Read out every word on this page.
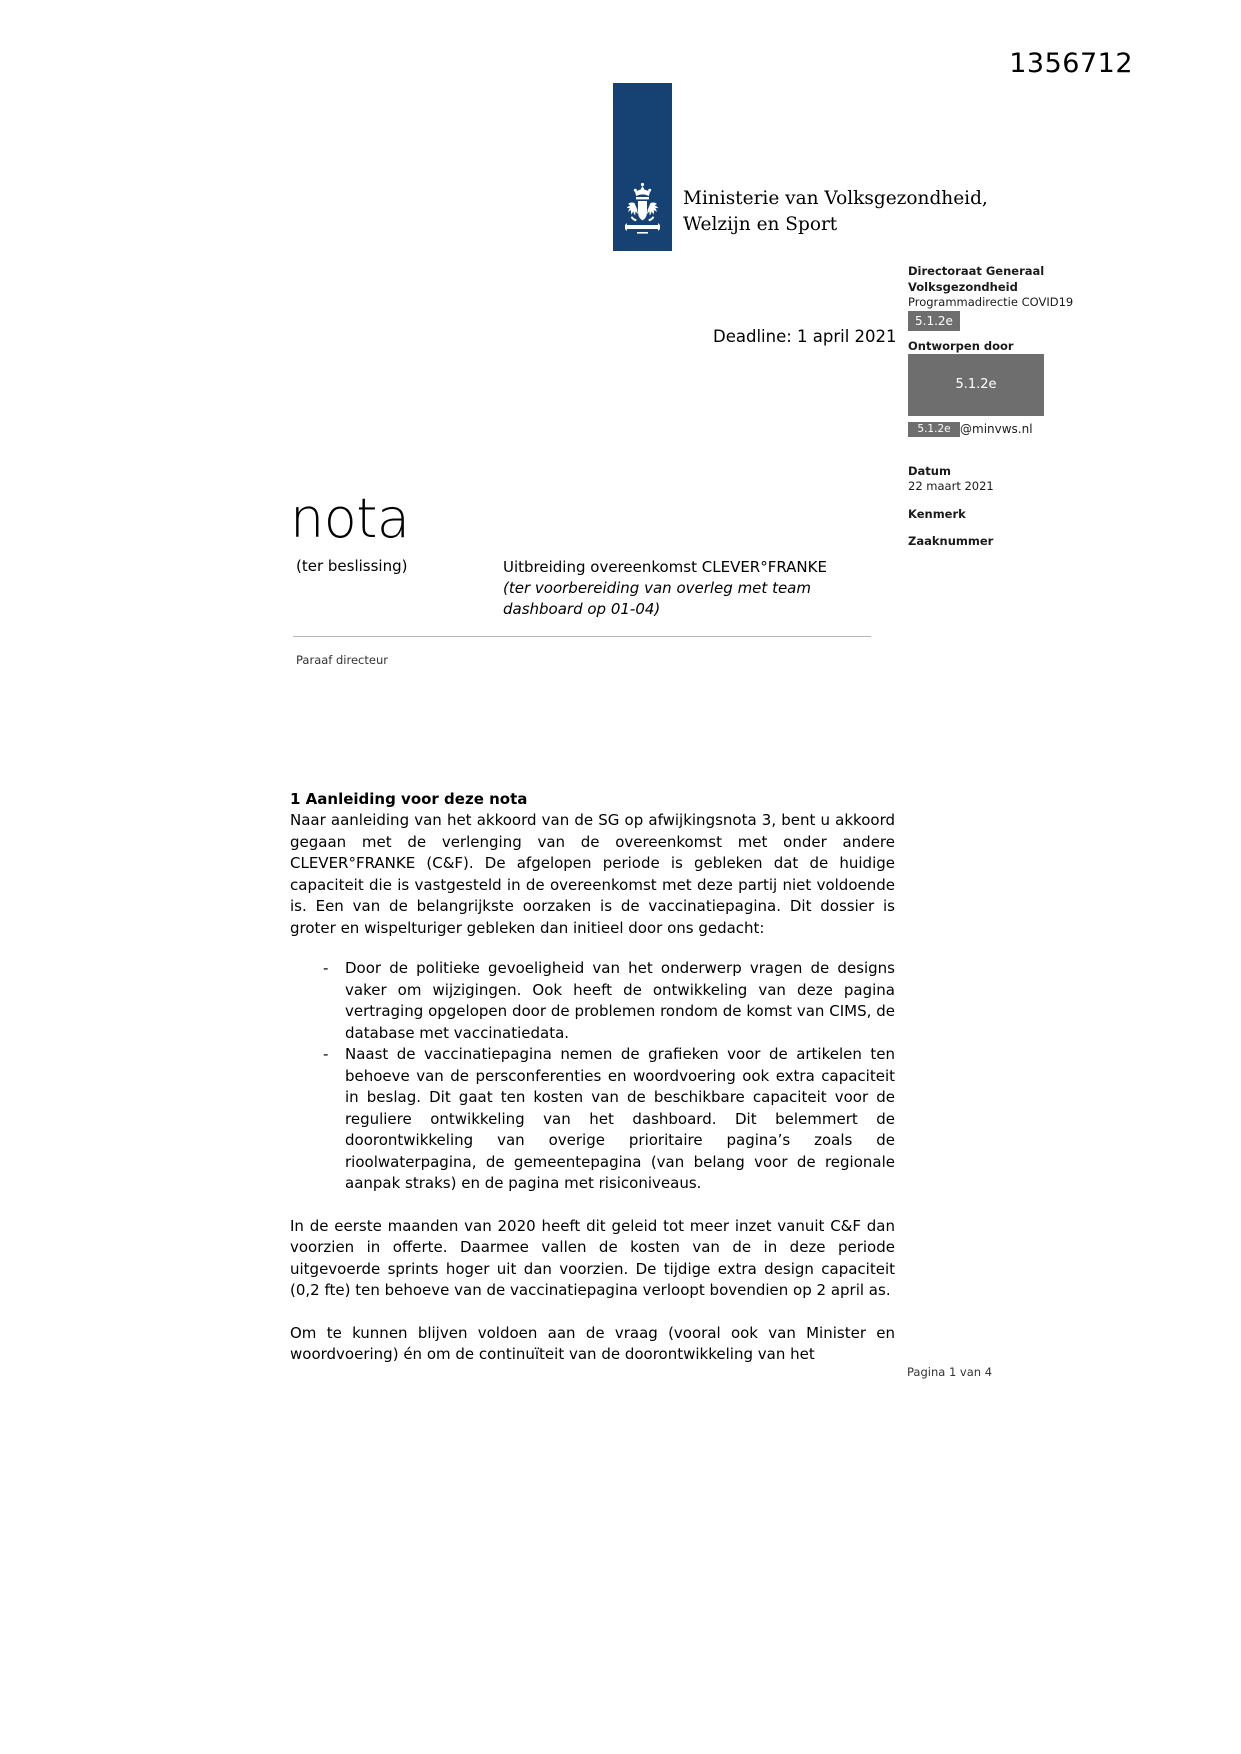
1356712
Ministerie van Volksgezondheid,
Welzijn en Sport
Directoraat Generaal
Volksgezondheid
Programmadirectie COVID19
5.1.2e
Ontworpen door
5.1.2e
5.1.2e @minvws.nl
Datum
22 maart 2021
Kenmerk
Zaaknummer
Deadline: 1 april 2021
nota
(ter beslissing)	Uitbreiding overeenkomst CLEVER°FRANKE
(ter voorbereiding van overleg met team dashboard op 01-04)
Paraaf directeur
1 Aanleiding voor deze nota

Naar aanleiding van het akkoord van de SG op afwijkingsnota 3, bent u akkoord gegaan met de verlenging van de overeenkomst met onder andere CLEVER°FRANKE (C&F). De afgelopen periode is gebleken dat de huidige capaciteit die is vastgesteld in de overeenkomst met deze partij niet voldoende is. Een van de belangrijkste oorzaken is de vaccinatiepagina. Dit dossier is groter en wispelturiger gebleken dan initieel door ons gedacht:

- Door de politieke gevoeligheid van het onderwerp vragen de designs vaker om wijzigingen. Ook heeft de ontwikkeling van deze pagina vertraging opgelopen door de problemen rondom de komst van CIMS, de database met vaccinatiedata.
- Naast de vaccinatiepagina nemen de grafieken voor de artikelen ten behoeve van de persconferenties en woordvoering ook extra capaciteit in beslag. Dit gaat ten kosten van de beschikbare capaciteit voor de reguliere ontwikkeling van het dashboard. Dit belemmert de doorontwikkeling van overige prioritaire pagina’s zoals de rioolwaterpagina, de gemeentepagina (van belang voor de regionale aanpak straks) en de pagina met risiconiveaus.

In de eerste maanden van 2020 heeft dit geleid tot meer inzet vanuit C&F dan voorzien in offerte. Daarmee vallen de kosten van de in deze periode uitgevoerde sprints hoger uit dan voorzien. De tijdige extra design capaciteit (0,2 fte) ten behoeve van de vaccinatiepagina verloopt bovendien op 2 april as.

Om te kunnen blijven voldoen aan de vraag (vooral ook van Minister en woordvoering) én om de continuïteit van de doorontwikkeling van het

Pagina 1 van 4
